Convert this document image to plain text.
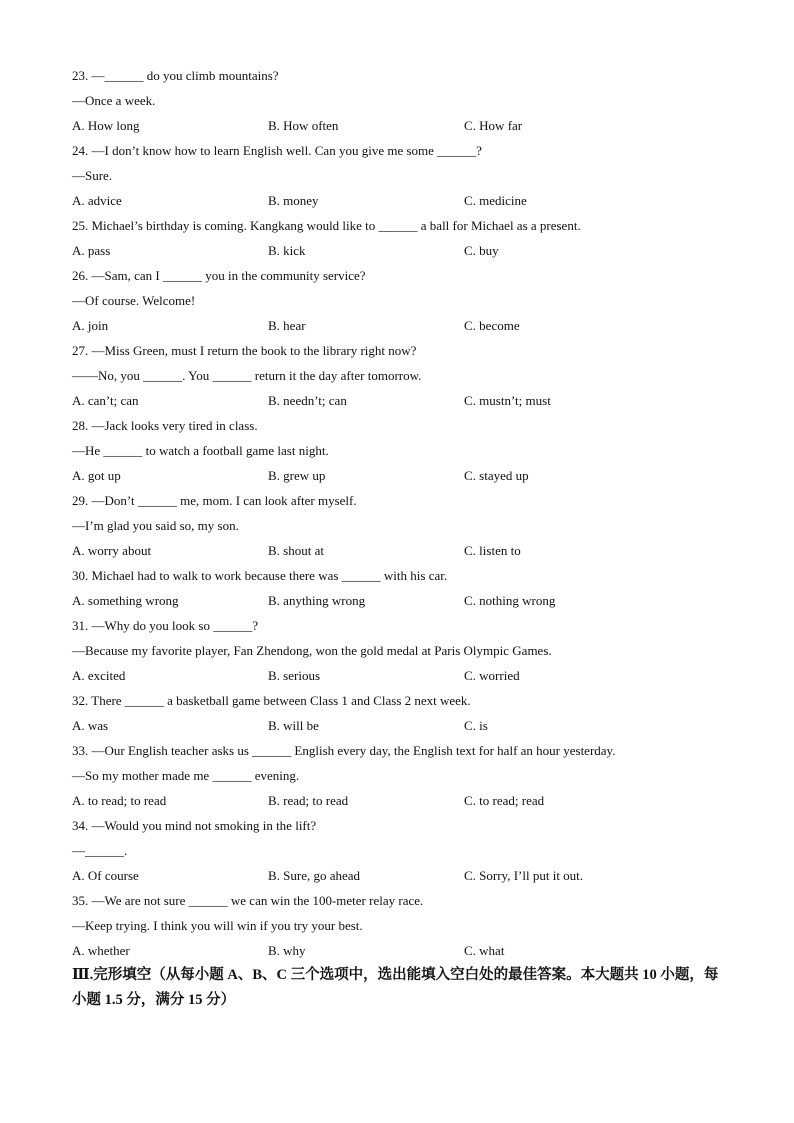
23. —______ do you climb mountains?
—Once a week.
A. How long	B. How often	C. How far
24. —I don’t know how to learn English well. Can you give me some ______?
—Sure.
A. advice	B. money	C. medicine
25. Michael’s birthday is coming. Kangkang would like to ______ a ball for Michael as a present.
A. pass	B. kick	C. buy
26. —Sam, can I ______ you in the community service?
—Of course. Welcome!
A. join	B. hear	C. become
27. —Miss Green, must I return the book to the library right now?
——No, you ______. You ______ return it the day after tomorrow.
A. can’t; can	B. needn’t; can	C. mustn’t; must
28. —Jack looks very tired in class.
—He ______ to watch a football game last night.
A. got up	B. grew up	C. stayed up
29. —Don’t ______ me, mom. I can look after myself.
—I’m glad you said so, my son.
A. worry about	B. shout at	C. listen to
30. Michael had to walk to work because there was ______ with his car.
A. something wrong	B. anything wrong	C. nothing wrong
31. —Why do you look so ______?
—Because my favorite player, Fan Zhendong, won the gold medal at Paris Olympic Games.
A. excited	B. serious	C. worried
32. There ______ a basketball game between Class 1 and Class 2 next week.
A. was	B. will be	C. is
33. —Our English teacher asks us ______ English every day, the English text for half an hour yesterday.
—So my mother made me ______ evening.
A. to read; to read	B. read; to read	C. to read; read
34. —Would you mind not smoking in the lift?
—______.
A. Of course	B. Sure, go ahead	C. Sorry, I’ll put it out.
35. —We are not sure ______ we can win the 100-meter relay race.
—Keep trying. I think you will win if you try your best.
A. whether	B. why	C. what
Ⅲ.完形填空（从每小题 A、B、C 三个选项中，选出能填入空白处的最佳答案。本大题共 10 小题，每小题 1.5 分，满分 15 分）
